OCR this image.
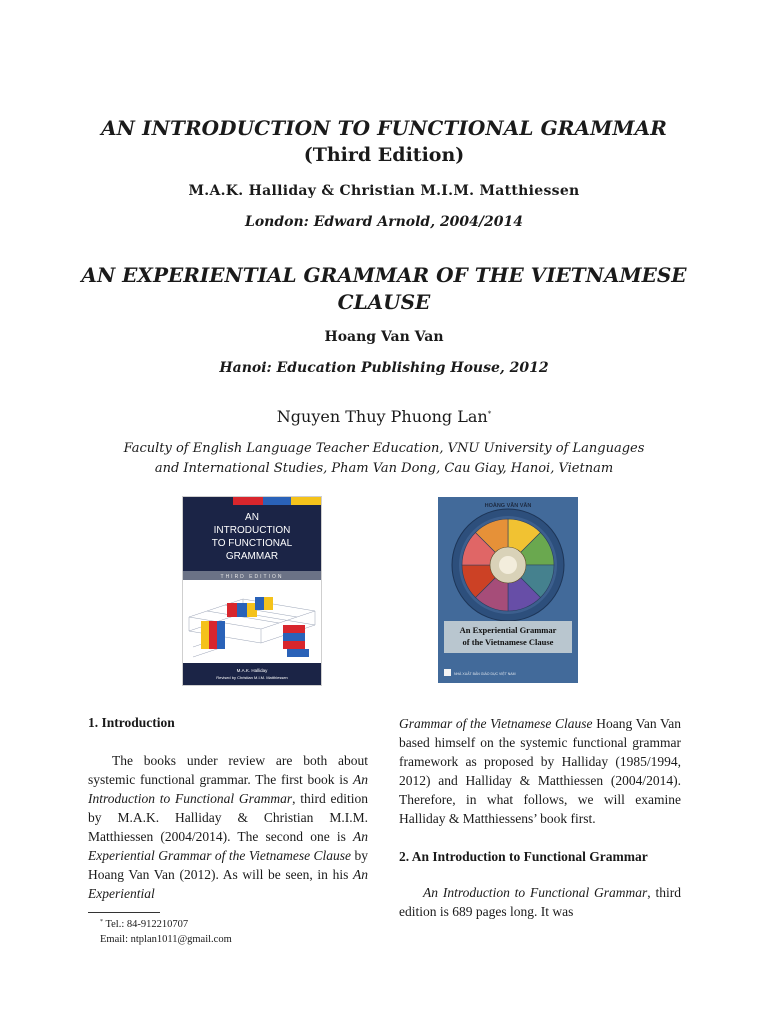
AN INTRODUCTION TO FUNCTIONAL GRAMMAR
(Third Edition)
M.A.K. Halliday & Christian M.I.M. Matthiessen
London: Edward Arnold, 2004/2014
AN EXPERIENTIAL GRAMMAR OF THE VIETNAMESE
CLAUSE
Hoang Van Van
Hanoi: Education Publishing House, 2012
Nguyen Thuy Phuong Lan*
Faculty of English Language Teacher Education, VNU University of Languages
and International Studies, Pham Van Dong, Cau Giay, Hanoi, Vietnam
AN
INTRODUCTION
TO FUNCTIONAL
GRAMMAR
THIRD EDITION
M.A.K. Halliday
Revised by Christian M.I.M. Matthiessen
HOÀNG VĂN VÂN
An Experiential Grammar
of the Vietnamese Clause
NHÀ XUẤT BẢN GIÁO DỤC VIỆT NAM

1. Introduction

The books under review are both about systemic functional grammar. The first book is An Introduction to Functional Grammar, third edition by M.A.K. Halliday & Christian M.I.M. Matthiessen (2004/2014). The second one is An Experiential Grammar of the Vietnamese Clause by Hoang Van Van (2012). As will be seen, in his An Experiential

Grammar of the Vietnamese Clause Hoang Van Van based himself on the systemic functional grammar framework as proposed by Halliday (1985/1994, 2012) and Halliday & Matthiessen (2004/2014). Therefore, in what follows, we will examine Halliday & Matthiessens’ book first.

2. An Introduction to Functional Grammar

An Introduction to Functional Grammar, third edition is 689 pages long. It was

* Tel.: 84-912210707
Email: ntplan1011@gmail.com
